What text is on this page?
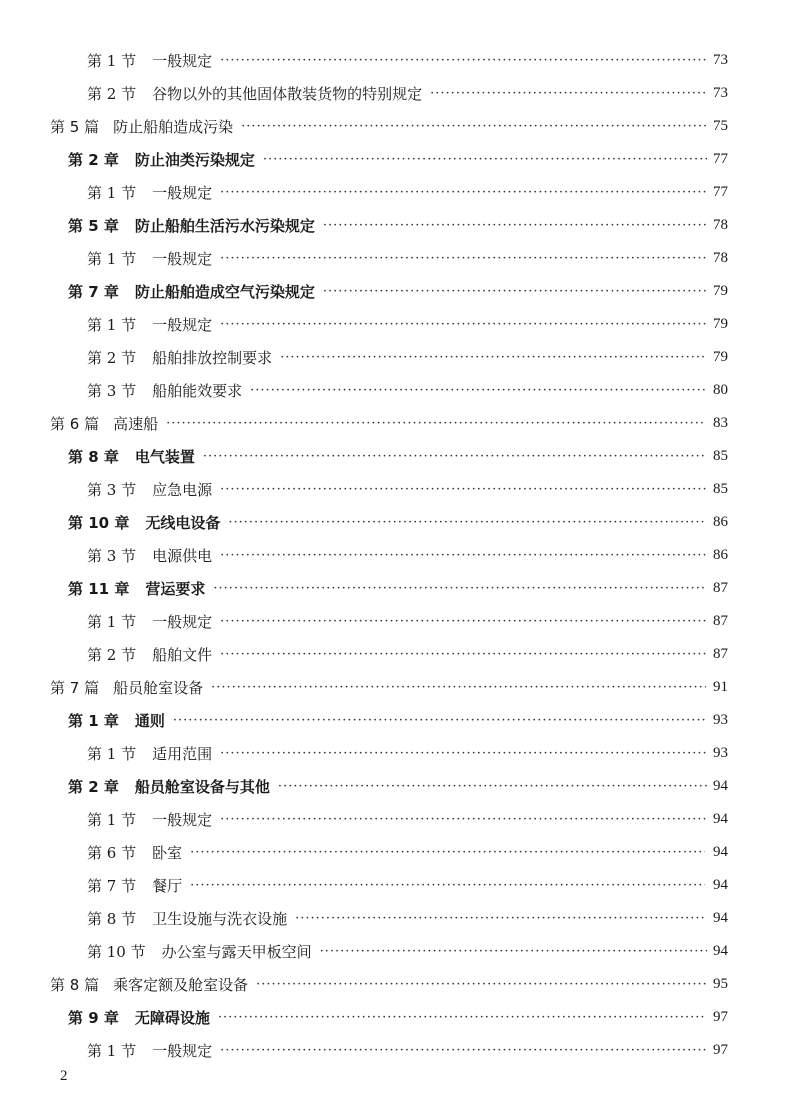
第 1 节 一般规定 ·····	73
第 2 节 谷物以外的其他固体散装货物的特别规定 ·····	73
第 5 篇 防止船舶造成污染 ·····	75
第 2 章 防止油类污染规定 ·····	77
第 1 节 一般规定 ·····	77
第 5 章 防止船舶生活污水污染规定 ·····	78
第 1 节 一般规定 ·····	78
第 7 章 防止船舶造成空气污染规定 ·····	79
第 1 节 一般规定 ·····	79
第 2 节 船舶排放控制要求 ·····	79
第 3 节 船舶能效要求 ·····	80
第 6 篇 高速船 ·····	83
第 8 章 电气装置 ·····	85
第 3 节 应急电源 ·····	85
第 10 章 无线电设备 ·····	86
第 3 节 电源供电 ·····	86
第 11 章 营运要求 ·····	87
第 1 节 一般规定 ·····	87
第 2 节 船舶文件 ·····	87
第 7 篇 船员舱室设备 ·····	91
第 1 章 通则 ·····	93
第 1 节 适用范围 ·····	93
第 2 章 船员舱室设备与其他 ·····	94
第 1 节 一般规定 ·····	94
第 6 节 卧室 ·····	94
第 7 节 餐厅 ·····	94
第 8 节 卫生设施与洗衣设施 ·····	94
第 10 节 办公室与露天甲板空间 ·····	94
第 8 篇 乘客定额及舱室设备 ·····	95
第 9 章 无障碍设施 ·····	97
第 1 节 一般规定 ·····	97
2
